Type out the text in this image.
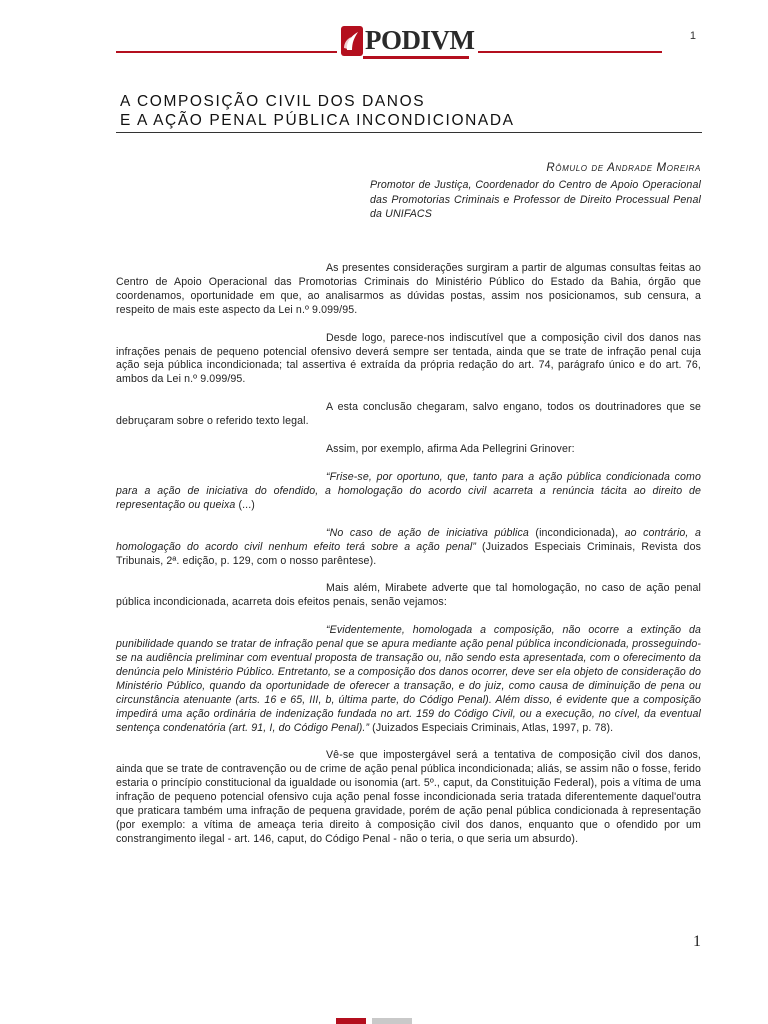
1
PODIVM
A COMPOSIÇÃO CIVIL DOS DANOS
E A AÇÃO PENAL PÚBLICA INCONDICIONADA
Rômulo de Andrade Moreira
Promotor de Justiça, Coordenador do Centro de Apoio Operacional das Promotorias Criminais e Professor de Direito Processual Penal da UNIFACS

As presentes considerações surgiram a partir de algumas consultas feitas ao Centro de Apoio Operacional das Promotorias Criminais do Ministério Público do Estado da Bahia, órgão que coordenamos, oportunidade em que, ao analisarmos as dúvidas postas, assim nos posicionamos, sub censura, a respeito de mais este aspecto da Lei n.º 9.099/95.

Desde logo, parece-nos indiscutível que a composição civil dos danos nas infrações penais de pequeno potencial ofensivo deverá sempre ser tentada, ainda que se trate de infração penal cuja ação seja pública incondicionada; tal assertiva é extraída da própria redação do art. 74, parágrafo único e do art. 76, ambos da Lei n.º 9.099/95.

A esta conclusão chegaram, salvo engano, todos os doutrinadores que se debruçaram sobre o referido texto legal.

Assim, por exemplo, afirma Ada Pellegrini Grinover:

“Frise-se, por oportuno, que, tanto para a ação pública condicionada como para a ação de iniciativa do ofendido, a homologação do acordo civil acarreta a renúncia tácita ao direito de representação ou queixa (...)

“No caso de ação de iniciativa pública (incondicionada), ao contrário, a homologação do acordo civil nenhum efeito terá sobre a ação penal” (Juizados Especiais Criminais, Revista dos Tribunais, 2ª. edição, p. 129, com o nosso parêntese).

Mais além, Mirabete adverte que tal homologação, no caso de ação penal pública incondicionada, acarreta dois efeitos penais, senão vejamos:

“Evidentemente, homologada a composição, não ocorre a extinção da punibilidade quando se tratar de infração penal que se apura mediante ação penal pública incondicionada, prosseguindo-se na audiência preliminar com eventual proposta de transação ou, não sendo esta apresentada, com o oferecimento da denúncia pelo Ministério Público. Entretanto, se a composição dos danos ocorrer, deve ser ela objeto de consideração do Ministério Público, quando da oportunidade de oferecer a transação, e do juiz, como causa de diminuição de pena ou circunstância atenuante (arts. 16 e 65, III, b, última parte, do Código Penal). Além disso, é evidente que a composição impedirá uma ação ordinária de indenização fundada no art. 159 do Código Civil, ou a execução, no cível, da eventual sentença condenatória (art. 91, I, do Código Penal).” (Juizados Especiais Criminais, Atlas, 1997, p. 78).

Vê-se que impostergável será a tentativa de composição civil dos danos, ainda que se trate de contravenção ou de crime de ação penal pública incondicionada; aliás, se assim não o fosse, ferido estaria o princípio constitucional da igualdade ou isonomia (art. 5º., caput, da Constituição Federal), pois a vítima de uma infração de pequeno potencial ofensivo cuja ação penal fosse incondicionada seria tratada diferentemente daquel'outra que praticara também uma infração de pequena gravidade, porém de ação penal pública condicionada à representação (por exemplo: a vítima de ameaça teria direito à composição civil dos danos, enquanto que o ofendido por um constrangimento ilegal - art. 146, caput, do Código Penal - não o teria, o que seria um absurdo).

1
